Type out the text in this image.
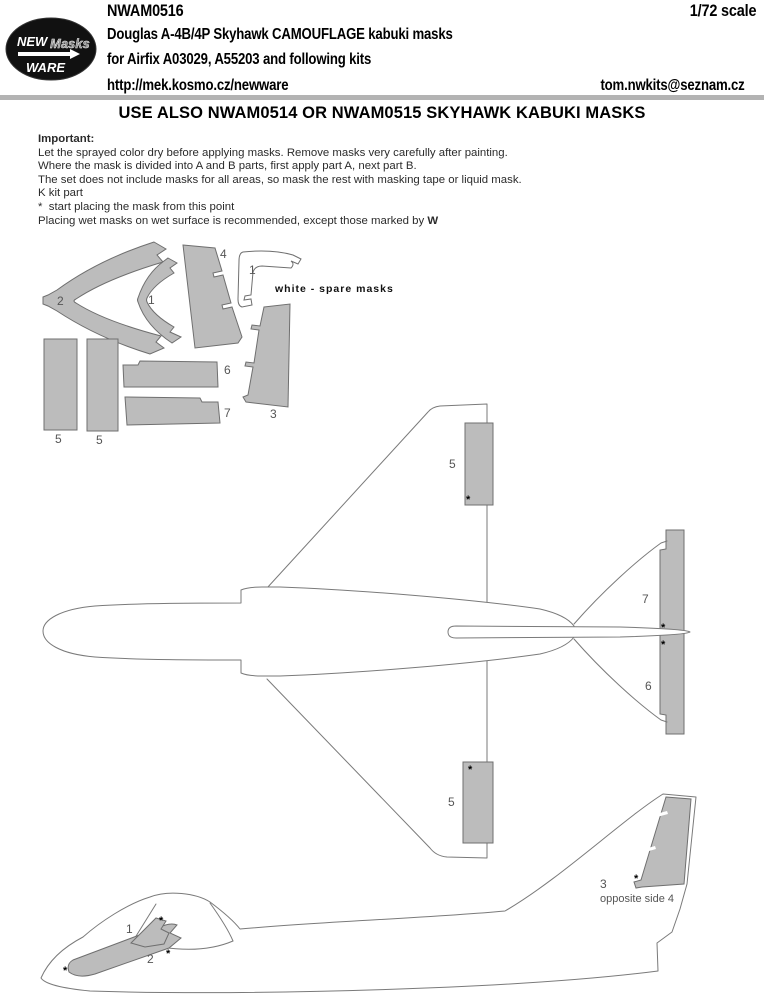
NEW Masks
WARE
NWAM0516	1/72 scale
Douglas A-4B/4P Skyhawk CAMOUFLAGE kabuki masks
for Airfix A03029, A55203 and following kits
http://mek.kosmo.cz/newware	tom.nwkits@seznam.cz
USE ALSO NWAM0514 OR NWAM0515 SKYHAWK KABUKI MASKS
Important:
Let the sprayed color dry before applying masks. Remove masks very carefully after painting.
Where the mask is divided into A and B parts, first apply part A, next part B.
The set does not include masks for all areas, so mask the rest with masking tape or liquid mask.
K kit part
*  start placing the mask from this point
Placing wet masks on wet surface is recommended, except those marked by W
2	1
4
1
3
6
7
5	5
white - spare masks
*
*
*
*
5
5
7
6
*
*
*
*
1
2
3
opposite side 4
